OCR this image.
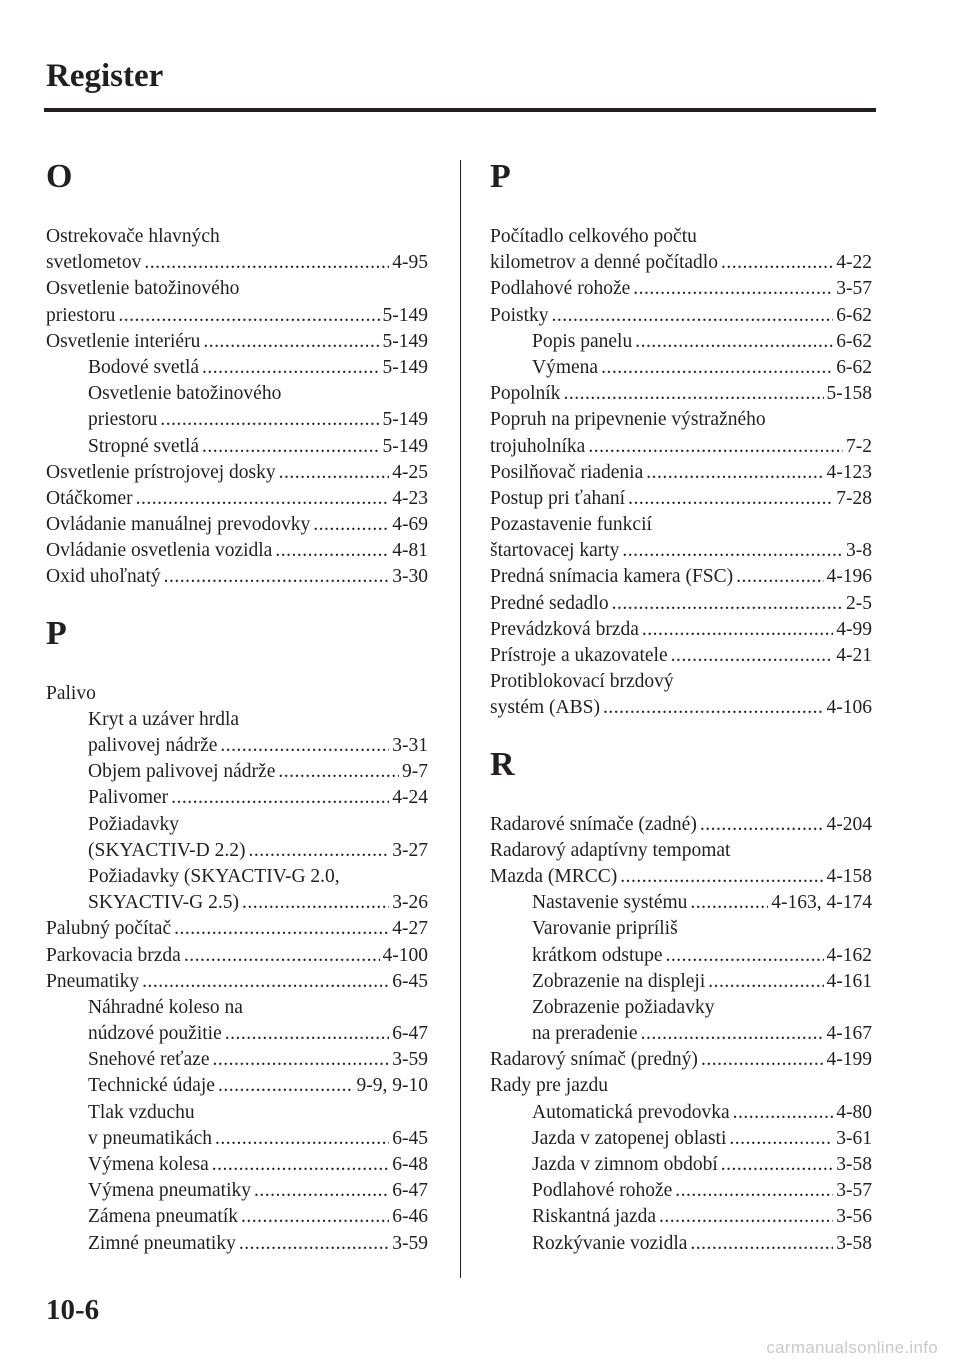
Register
O
Ostrekovače hlavných
svetlometov .....	4-95
Osvetlenie batožinového
priestoru .....	5-149
Osvetlenie interiéru .....	5-149
Bodové svetlá .....	5-149
Osvetlenie batožinového
priestoru .....	5-149
Stropné svetlá .....	5-149
Osvetlenie prístrojovej dosky .....	4-25
Otáčkomer .....	4-23
Ovládanie manuálnej prevodovky .....	4-69
Ovládanie osvetlenia vozidla .....	4-81
Oxid uhoľnatý .....	3-30
P
Palivo
Kryt a uzáver hrdla
palivovej nádrže .....	3-31
Objem palivovej nádrže .....	9-7
Palivomer .....	4-24
Požiadavky
(SKYACTIV-D 2.2) .....	3-27
Požiadavky (SKYACTIV-G 2.0,
SKYACTIV-G 2.5) .....	3-26
Palubný počítač .....	4-27
Parkovacia brzda .....	4-100
Pneumatiky .....	6-45
Náhradné koleso na
núdzové použitie .....	6-47
Snehové reťaze .....	3-59
Technické údaje .....	9-9, 9-10
Tlak vzduchu
v pneumatikách .....	6-45
Výmena kolesa .....	6-48
Výmena pneumatiky .....	6-47
Zámena pneumatík .....	6-46
Zimné pneumatiky .....	3-59
P
Počítadlo celkového počtu
kilometrov a denné počítadlo .....	4-22
Podlahové rohože .....	3-57
Poistky .....	6-62
Popis panelu .....	6-62
Výmena .....	6-62
Popolník .....	5-158
Popruh na pripevnenie výstražného
trojuholníka .....	7-2
Posilňovač riadenia .....	4-123
Postup pri ťahaní .....	7-28
Pozastavenie funkcií
štartovacej karty .....	3-8
Predná snímacia kamera (FSC) .....	4-196
Predné sedadlo .....	2-5
Prevádzková brzda .....	4-99
Prístroje a ukazovatele .....	4-21
Protiblokovací brzdový
systém (ABS) .....	4-106
R
Radarové snímače (zadné) .....	4-204
Radarový adaptívny tempomat
Mazda (MRCC) .....	4-158
Nastavenie systému .....	4-163, 4-174
Varovanie pripríliš
krátkom odstupe .....	4-162
Zobrazenie na displeji .....	4-161
Zobrazenie požiadavky
na preradenie .....	4-167
Radarový snímač (predný) .....	4-199
Rady pre jazdu
Automatická prevodovka .....	4-80
Jazda v zatopenej oblasti .....	3-61
Jazda v zimnom období .....	3-58
Podlahové rohože .....	3-57
Riskantná jazda .....	3-56
Rozkývanie vozidla .....	3-58
10-6
carmanualsonline.info
